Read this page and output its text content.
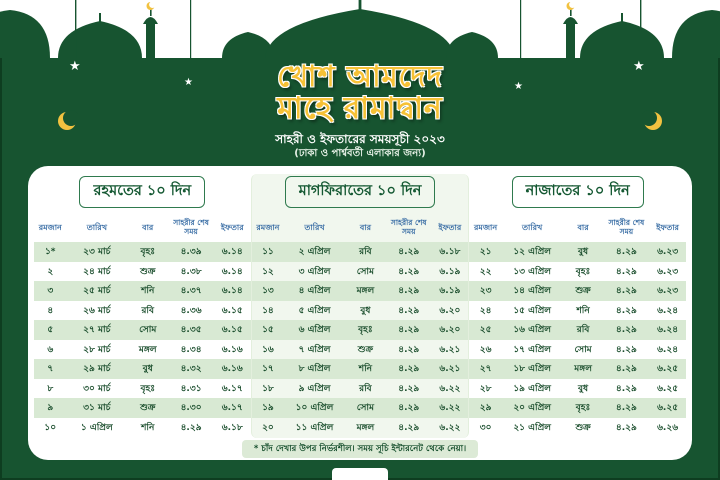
★
★	★
★
খোশ আমদেদ
মাহে রামাদ্বান
সাহরী ও ইফতারের সময়সূচী ২০২৩
(ঢাকা ও পার্শ্ববর্তী এলাকার জন্য)
রহমতের ১০ দিন
রমজান	তারিখ	বার	সাহরীর শেষ সময়	ইফতার
১*	২৩ মার্চ	বৃহঃ	৪.৩৯	৬.১৪
২	২৪ মার্চ	শুক্র	৪.৩৮	৬.১৪
৩	২৫ মার্চ	শনি	৪.৩৭	৬.১৪
৪	২৬ মার্চ	রবি	৪.৩৬	৬.১৫
৫	২৭ মার্চ	সোম	৪.৩৫	৬.১৫
৬	২৮ মার্চ	মঙ্গল	৪.৩৪	৬.১৬
৭	২৯ মার্চ	বুধ	৪.৩২	৬.১৬
৮	৩০ মার্চ	বৃহঃ	৪.৩১	৬.১৭
৯	৩১ মার্চ	শুক্র	৪.৩০	৬.১৭
১০	১ এপ্রিল	শনি	৪.২৯	৬.১৮
মাগফিরাতের ১০ দিন
রমজান	তারিখ	বার	সাহরীর শেষ সময়	ইফতার
১১	২ এপ্রিল	রবি	৪.২৯	৬.১৮
১২	৩ এপ্রিল	সোম	৪.২৯	৬.১৯
১৩	৪ এপ্রিল	মঙ্গল	৪.২৯	৬.১৯
১৪	৫ এপ্রিল	বুধ	৪.২৯	৬.২০
১৫	৬ এপ্রিল	বৃহঃ	৪.২৯	৬.২০
১৬	৭ এপ্রিল	শুক্র	৪.২৯	৬.২১
১৭	৮ এপ্রিল	শনি	৪.২৯	৬.২১
১৮	৯ এপ্রিল	রবি	৪.২৯	৬.২২
১৯	১০ এপ্রিল	সোম	৪.২৯	৬.২২
২০	১১ এপ্রিল	মঙ্গল	৪.২৯	৬.২২
নাজাতের ১০ দিন
রমজান	তারিখ	বার	সাহরীর শেষ সময়	ইফতার
২১	১২ এপ্রিল	বুধ	৪.২৯	৬.২৩
২২	১৩ এপ্রিল	বৃহঃ	৪.২৯	৬.২৩
২৩	১৪ এপ্রিল	শুক্র	৪.২৯	৬.২৩
২৪	১৫ এপ্রিল	শনি	৪.২৯	৬.২৪
২৫	১৬ এপ্রিল	রবি	৪.২৯	৬.২৪
২৬	১৭ এপ্রিল	সোম	৪.২৯	৬.২৪
২৭	১৮ এপ্রিল	মঙ্গল	৪.২৯	৬.২৫
২৮	১৯ এপ্রিল	বুধ	৪.২৯	৬.২৫
২৯	২০ এপ্রিল	বৃহঃ	৪.২৯	৬.২৫
৩০	২১ এপ্রিল	শুক্র	৪.২৯	৬.২৬
* চাঁদ দেখার উপর নির্ভরশীল। সময় সূচি ইন্টারনেট থেকে নেয়া।
